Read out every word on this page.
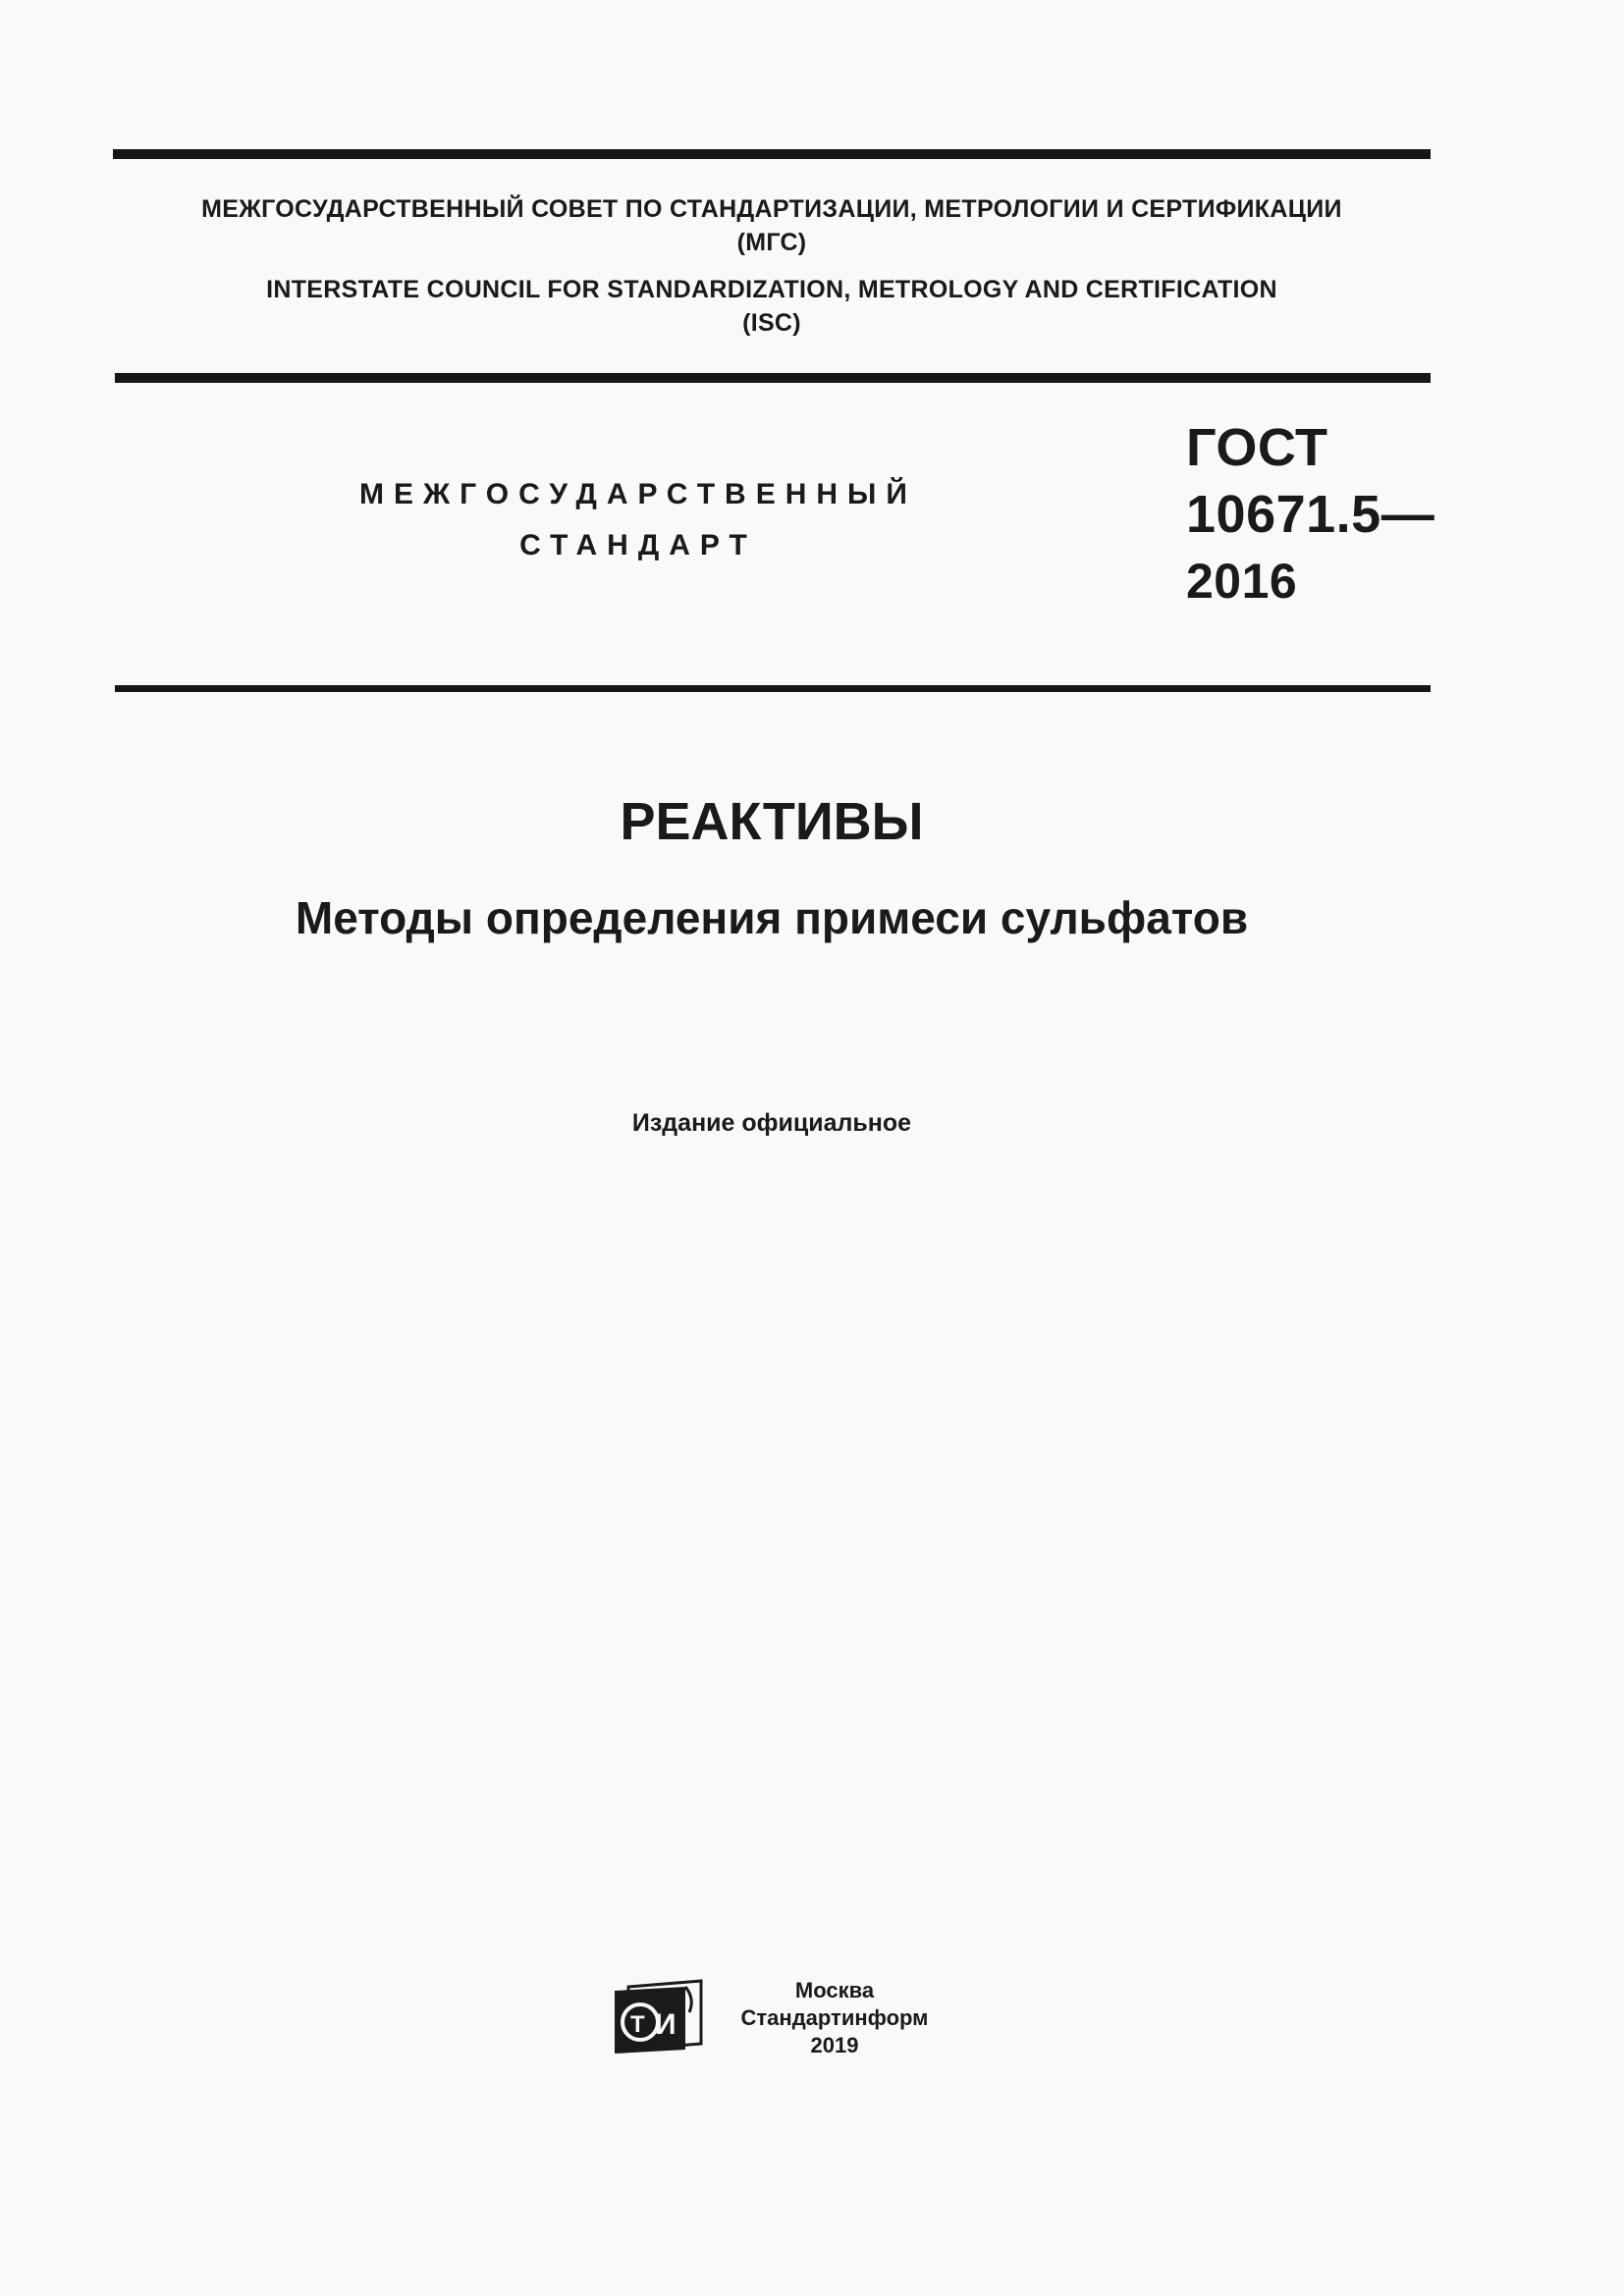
МЕЖГОСУДАРСТВЕННЫЙ СОВЕТ ПО СТАНДАРТИЗАЦИИ, МЕТРОЛОГИИ И СЕРТИФИКАЦИИ
(МГС)
INTERSTATE COUNCIL FOR STANDARDIZATION, METROLOGY AND CERTIFICATION
(ISC)
МЕЖГОСУДАРСТВЕННЫЙ
СТАНДАРТ
ГОСТ
10671.5—
2016
РЕАКТИВЫ
Методы определения примеси сульфатов
Издание официальное
И
Т
Москва
Стандартинформ
2019
